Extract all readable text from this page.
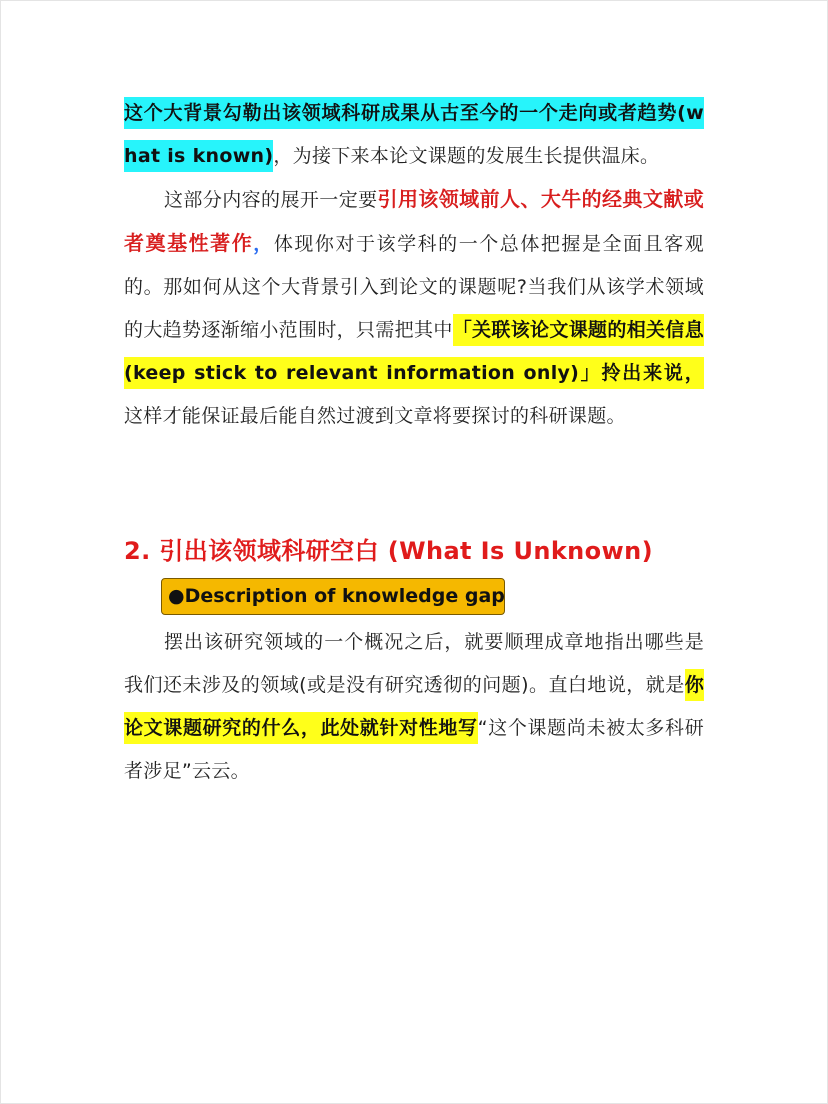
这个大背景勾勒出该领域科研成果从古至今的一个走向或者趋势(what is known)，为接下来本论文课题的发展生长提供温床。

这部分内容的展开一定要引用该领域前人、大牛的经典文献或者奠基性著作，体现你对于该学科的一个总体把握是全面且客观的。那如何从这个大背景引入到论文的课题呢?当我们从该学术领域的大趋势逐渐缩小范围时，只需把其中「关联该论文课题的相关信息 (keep stick to relevant information only)」拎出来说，这样才能保证最后能自然过渡到文章将要探讨的科研课题。

2. 引出该领域科研空白 (What Is Unknown)
●Description of knowledge gap

摆出该研究领域的一个概况之后，就要顺理成章地指出哪些是我们还未涉及的领域(或是没有研究透彻的问题)。直白地说，就是你论文课题研究的什么，此处就针对性地写“这个课题尚未被太多科研者涉足”云云。
